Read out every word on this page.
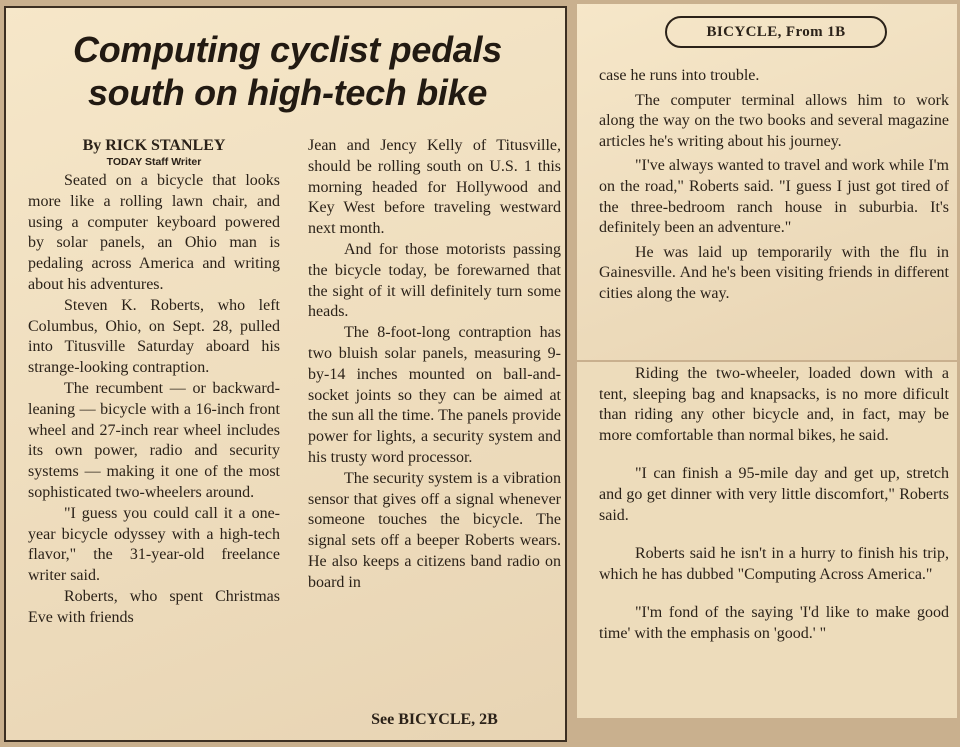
Computing cyclist pedals
south on high-tech bike

By RICK STANLEY

TODAY Staff Writer

Seated on a bicycle that looks more like a rolling lawn chair, and using a computer keyboard powered by solar panels, an Ohio man is pedaling across America and writing about his adventures.

Steven K. Roberts, who left Columbus, Ohio, on Sept. 28, pulled into Titusville Saturday aboard his strange-looking contraption.

The recumbent — or backward-leaning — bicycle with a 16-inch front wheel and 27-inch rear wheel includes its own power, radio and security systems — making it one of the most sophisticated two-wheelers around.

"I guess you could call it a one-year bicycle odyssey with a high-tech flavor," the 31-year-old freelance writer said.

Roberts, who spent Christmas Eve with friends

Jean and Jency Kelly of Titusville, should be rolling south on U.S. 1 this morning headed for Hollywood and Key West before traveling westward next month.

And for those motorists passing the bicycle today, be forewarned that the sight of it will definitely turn some heads.

The 8-foot-long contraption has two bluish solar panels, measuring 9-by-14 inches mounted on ball-and-socket joints so they can be aimed at the sun all the time. The panels provide power for lights, a security system and his trusty word processor.

The security system is a vibration sensor that gives off a signal whenever someone touches the bicycle. The signal sets off a beeper Roberts wears. He also keeps a citizens band radio on board in

See BICYCLE, 2B

BICYCLE, From 1B

case he runs into trouble.

The computer terminal allows him to work along the way on the two books and several magazine articles he's writing about his journey.

"I've always wanted to travel and work while I'm on the road," Roberts said. "I guess I just got tired of the three-bedroom ranch house in suburbia. It's definitely been an adventure."

He was laid up temporarily with the flu in Gainesville. And he's been visiting friends in different cities along the way.

Riding the two-wheeler, loaded down with a tent, sleeping bag and knapsacks, is no more dificult than riding any other bicycle and, in fact, may be more comfortable than normal bikes, he said.

"I can finish a 95-mile day and get up, stretch and go get dinner with very little discomfort," Roberts said.

Roberts said he isn't in a hurry to finish his trip, which he has dubbed "Computing Across America."

"I'm fond of the saying 'I'd like to make good time' with the emphasis on 'good.' "
